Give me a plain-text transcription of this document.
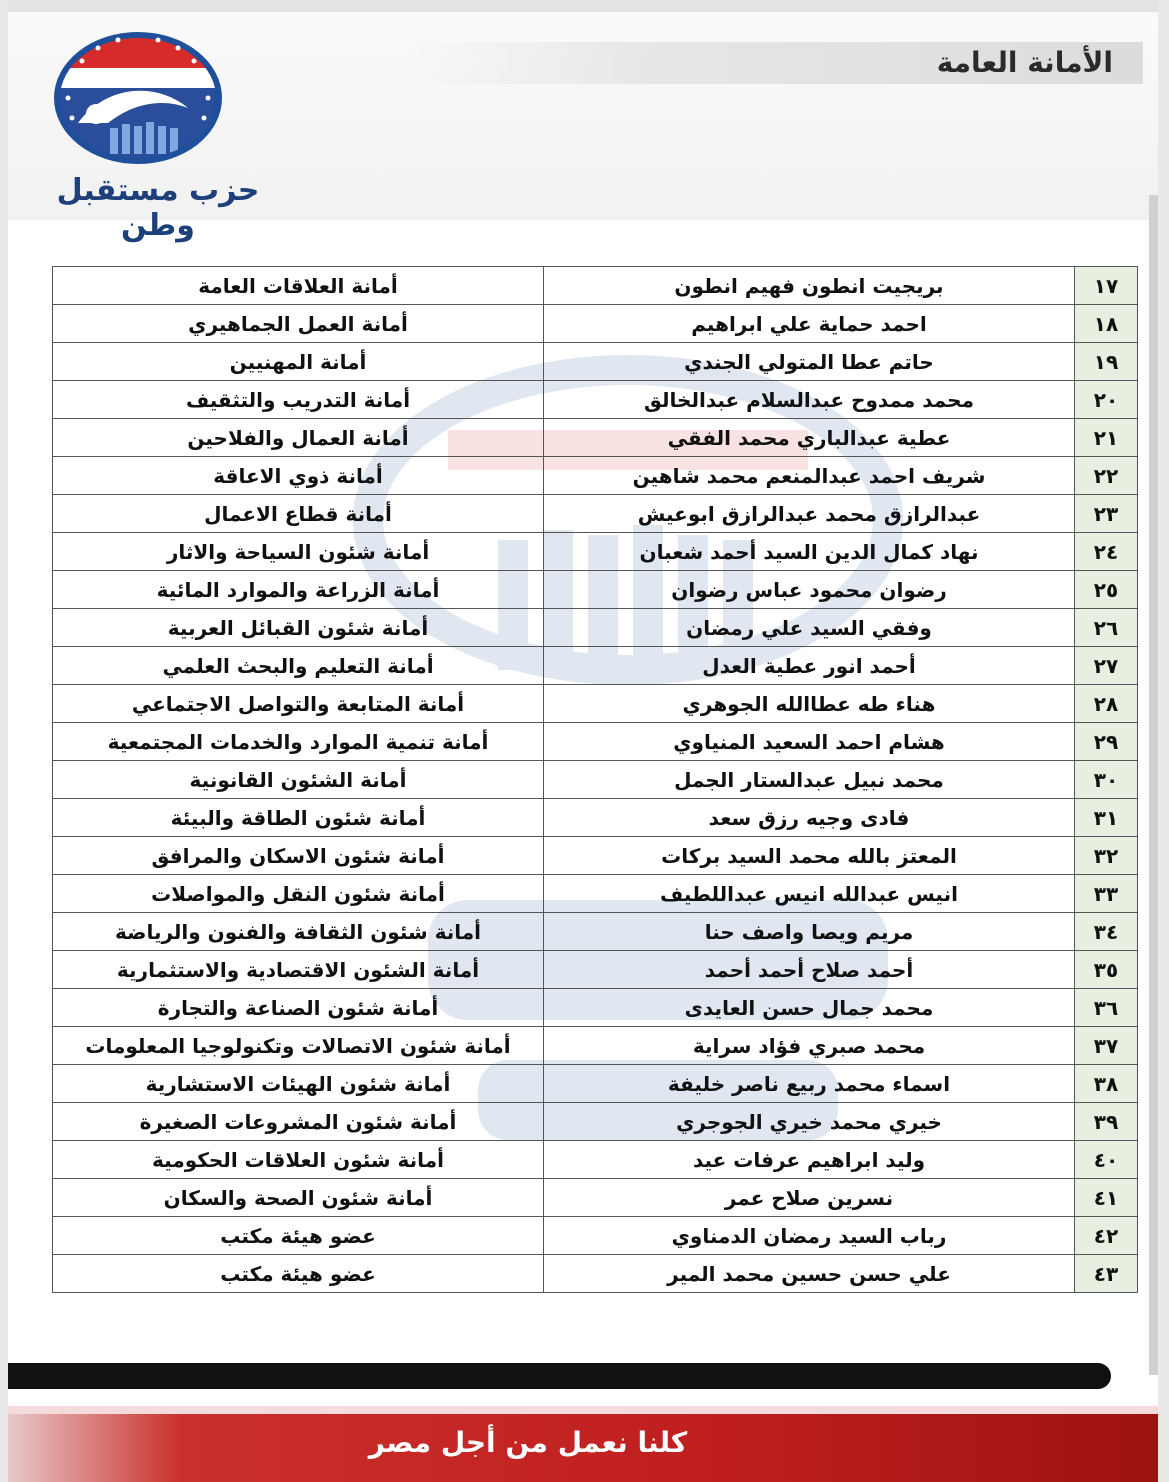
حزب مستقبل وطن
الأمانة العامة
أمانة العلاقات العامة	بريجيت انطون فهيم انطون	١٧
أمانة العمل الجماهيري	احمد حماية علي ابراهيم	١٨
أمانة المهنيين	حاتم عطا المتولي الجندي	١٩
أمانة التدريب والتثقيف	محمد ممدوح عبدالسلام عبدالخالق	٢٠
أمانة العمال والفلاحين	عطية عبدالباري محمد الفقي	٢١
أمانة ذوي الاعاقة	شريف احمد عبدالمنعم محمد شاهين	٢٢
أمانة قطاع الاعمال	عبدالرازق محمد عبدالرازق ابوعيش	٢٣
أمانة شئون السياحة والاثار	نهاد كمال الدين السيد أحمد شعبان	٢٤
أمانة الزراعة والموارد المائية	رضوان محمود عباس رضوان	٢٥
أمانة شئون القبائل العربية	وفقي السيد علي رمضان	٢٦
أمانة التعليم والبحث العلمي	أحمد انور عطية العدل	٢٧
أمانة المتابعة والتواصل الاجتماعي	هناء طه عطاالله الجوهري	٢٨
أمانة تنمية الموارد والخدمات المجتمعية	هشام احمد السعيد المنياوي	٢٩
أمانة الشئون القانونية	محمد نبيل عبدالستار الجمل	٣٠
أمانة شئون الطاقة والبيئة	فادى وجيه رزق سعد	٣١
أمانة شئون الاسكان والمرافق	المعتز بالله محمد السيد بركات	٣٢
أمانة شئون النقل والمواصلات	انيس عبدالله انيس عبداللطيف	٣٣
أمانة شئون الثقافة والفنون والرياضة	مريم ويصا واصف حنا	٣٤
أمانة الشئون الاقتصادية والاستثمارية	أحمد صلاح أحمد أحمد	٣٥
أمانة شئون الصناعة والتجارة	محمد جمال حسن العايدى	٣٦
أمانة شئون الاتصالات وتكنولوجيا المعلومات	محمد صبري فؤاد سراية	٣٧
أمانة شئون الهيئات الاستشارية	اسماء محمد ربيع ناصر خليفة	٣٨
أمانة شئون المشروعات الصغيرة	خيري محمد خيري الجوجري	٣٩
أمانة شئون العلاقات الحكومية	وليد ابراهيم عرفات عيد	٤٠
أمانة شئون الصحة والسكان	نسرين صلاح عمر	٤١
عضو هيئة مكتب	رباب السيد رمضان الدمناوي	٤٢
عضو هيئة مكتب	علي حسن حسين محمد المير	٤٣
كلنا نعمل من أجل مصر
